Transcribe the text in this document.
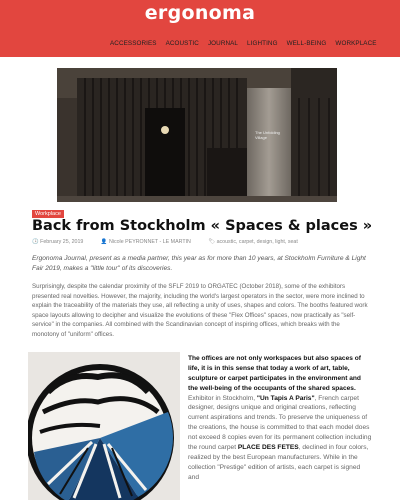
ergonoma
ACCESSORIES ACOUSTIC JOURNAL LIGHTING WELL-BEING WORKPLACE
The Unfolding Village
Workplace
Back from Stockholm « Spaces & places »
🕓 February 25, 2019	👤 Nicole PEYRONNET - LE MARTIN	🏷 acoustic, carpet, design, light, seat

Ergonoma Journal, present as a media partner, this year as for more than 10 years, at Stockholm Furniture & Light Fair 2019, makes a "little tour" of its discoveries.

Surprisingly, despite the calendar proximity of the SFLF 2019 to ORGATEC (October 2018), some of the exhibitors presented real novelties. However, the majority, including the world's largest operators in the sector, were more inclined to explain the traceability of the materials they use, all reflecting a unity of uses, shapes and colors. The booths featured work space layouts allowing to decipher and visualize the evolutions of these "Flex Offices" spaces, now practically as "self-service" in the companies. All combined with the Scandinavian concept of inspiring offices, which breaks with the monotony of "uniform" offices.

The offices are not only workspaces but also spaces of life, it is in this sense that today a work of art, table, sculpture or carpet participates in the environment and the well-being of the occupants of the shared spaces. Exhibitor in Stockholm, "Un Tapis A Paris", French carpet designer, designs unique and original creations, reflecting current aspirations and trends. To preserve the uniqueness of the creations, the house is committed to that each model does not exceed 8 copies even for its permanent collection including the round carpet PLACE DES FETES, declined in four colors, realized by the best European manufacturers. While in the collection "Prestige" edition of artists, each carpet is signed and
